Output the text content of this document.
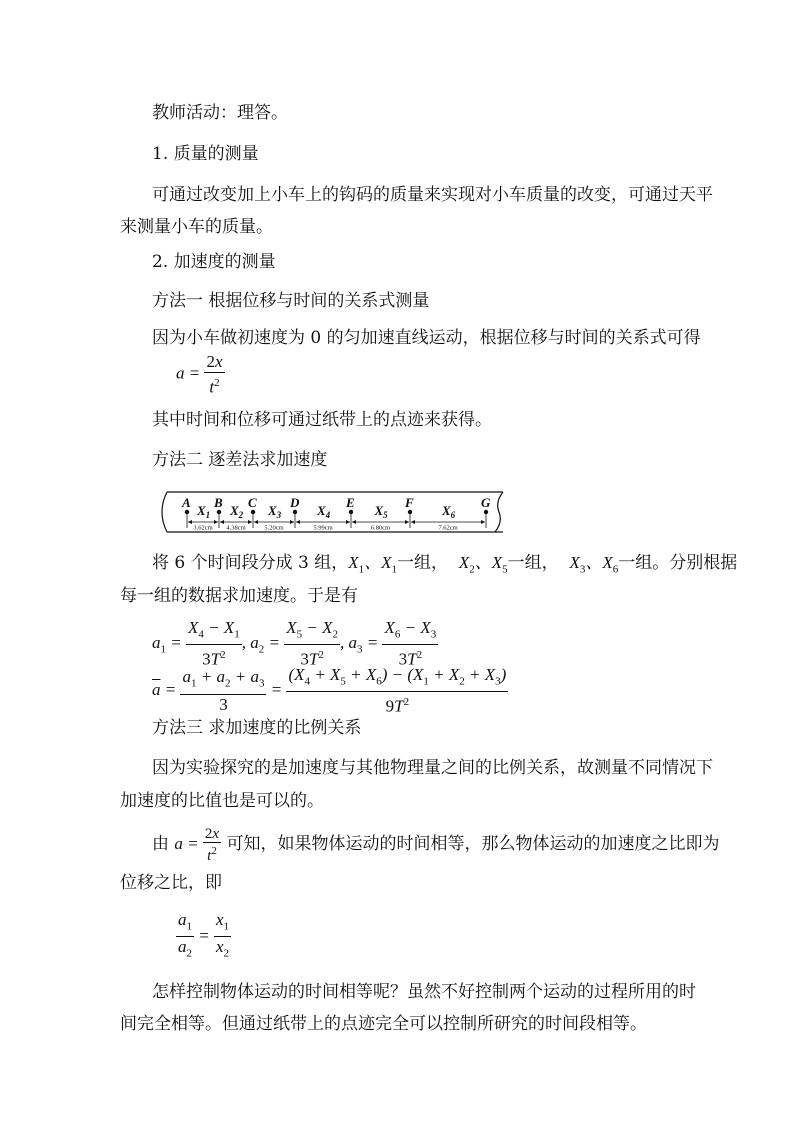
教师活动：理答。
1. 质量的测量
可通过改变加上小车上的钩码的质量来实现对小车质量的改变，可通过天平
来测量小车的质量。
2. 加速度的测量
方法一 根据位移与时间的关系式测量
因为小车做初速度为 0 的匀加速直线运动，根据位移与时间的关系式可得
$a = \frac{2x}{t^2}$
其中时间和位移可通过纸带上的点迹来获得。
方法二 逐差法求加速度
A B C	D	E	F	G
$X_1$
3.62cm
$X_2$
4.38cm
$X_3$
5.20cm
$X_4$
5.99cm
$X_5$
6.80cm
$X_6$
7.62cm
将 6 个时间段分成 3 组，$X_1$、$X_1$一组， $X_2$、$X_5$一组， $X_3$、$X_6$一组。分别根据
每一组的数据求加速度。于是有
$a_1 = \frac{X_4 - X_1}{3T^2}$ , $a_2 = \frac{X_5 - X_2}{3T^2}$ , $a_3 = \frac{X_6 - X_3}{3T^2}$
$\overline{a} = \frac{a_1 + a_2 + a_3}{3} = \frac{(X_4 + X_5 + X_6) - (X_1 + X_2 + X_3)}{9T^2}$
方法三 求加速度的比例关系
因为实验探究的是加速度与其他物理量之间的比例关系，故测量不同情况下
加速度的比值也是可以的。
由 $a = \frac{2x}{t^2}$ 可知，如果物体运动的时间相等，那么物体运动的加速度之比即为
位移之比，即
$\frac{a_1}{a_2} = \frac{x_1}{x_2}$
怎样控制物体运动的时间相等呢？虽然不好控制两个运动的过程所用的时
间完全相等。但通过纸带上的点迹完全可以控制所研究的时间段相等。
